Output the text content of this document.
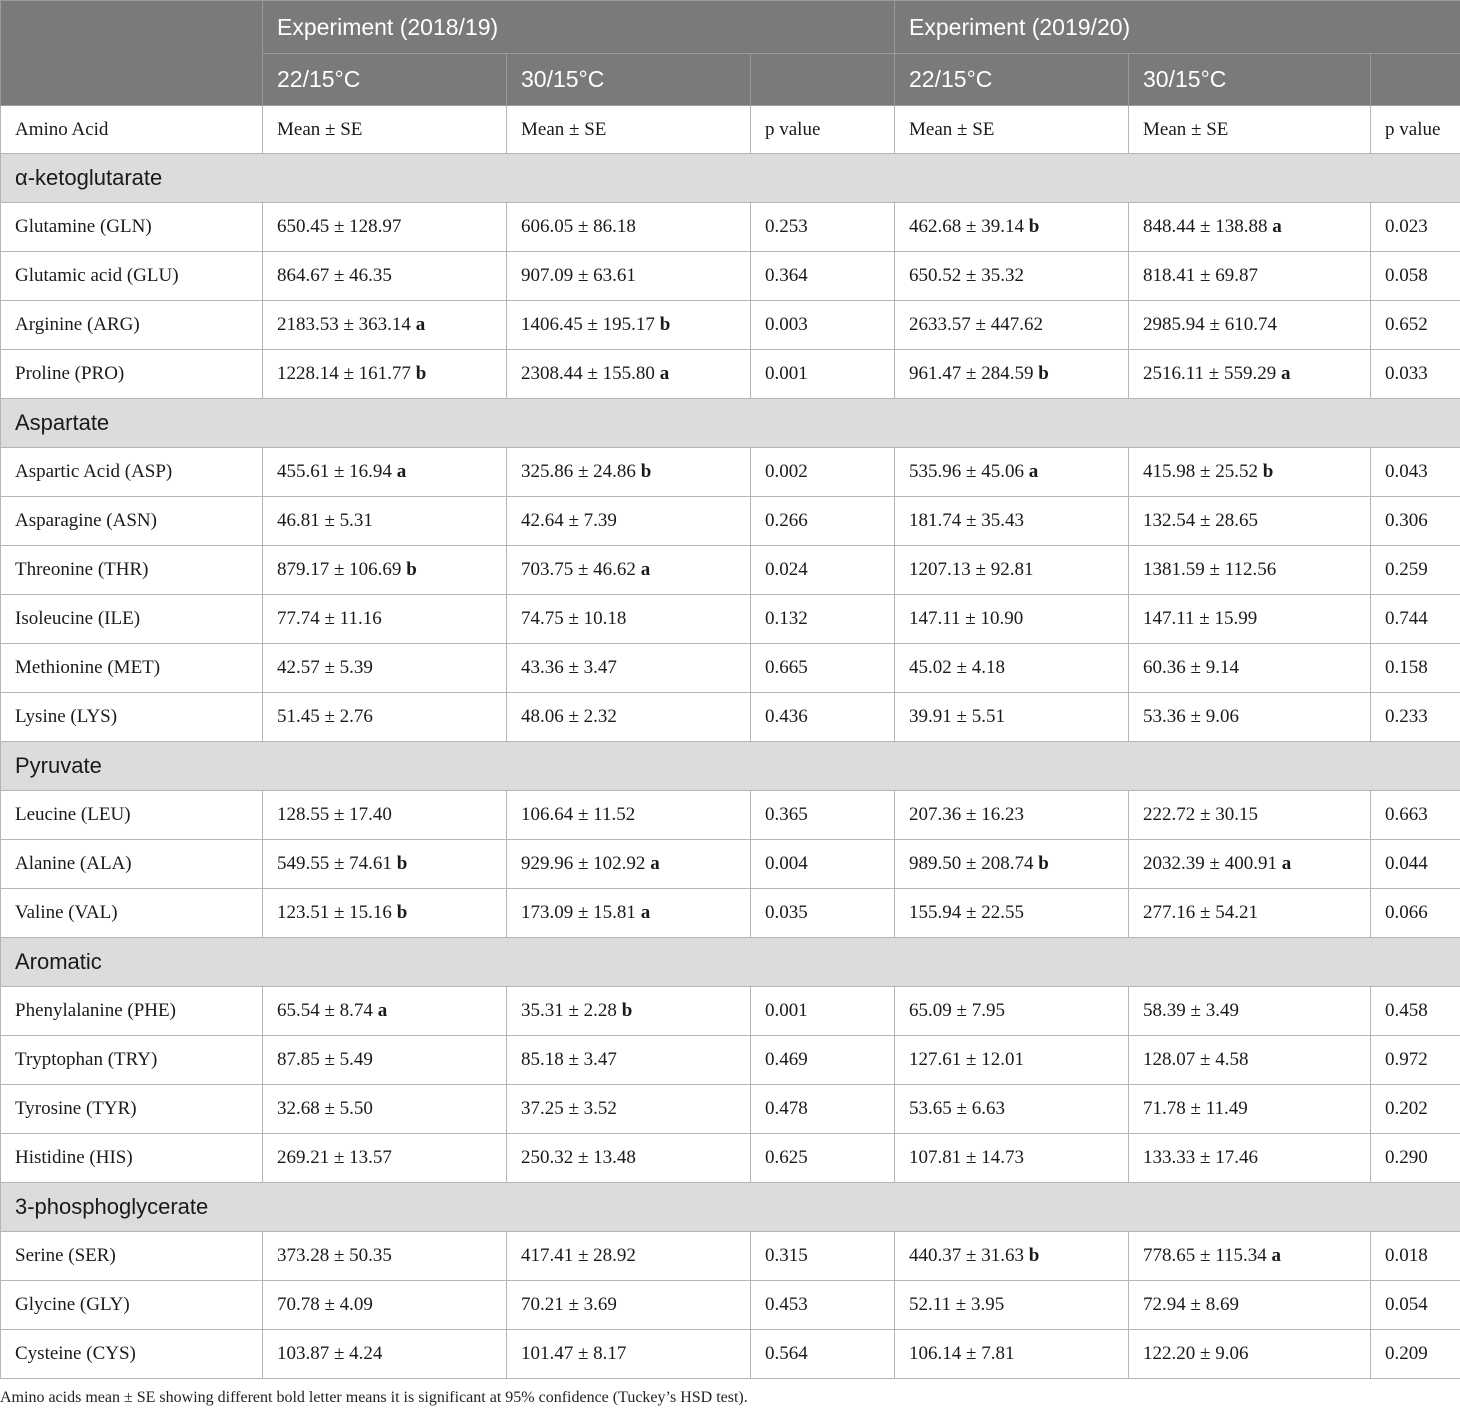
	Experiment (2018/19)			Experiment (2019/20)		
	22/15°C	30/15°C		22/15°C	30/15°C	
Amino Acid	Mean ± SE	Mean ± SE	p value	Mean ± SE	Mean ± SE	p value
α-ketoglutarate						
Glutamine (GLN)	650.45 ± 128.97	606.05 ± 86.18	0.253	462.68 ± 39.14 b	848.44 ± 138.88 a	0.023
Glutamic acid (GLU)	864.67 ± 46.35	907.09 ± 63.61	0.364	650.52 ± 35.32	818.41 ± 69.87	0.058
Arginine (ARG)	2183.53 ± 363.14 a	1406.45 ± 195.17 b	0.003	2633.57 ± 447.62	2985.94 ± 610.74	0.652
Proline (PRO)	1228.14 ± 161.77 b	2308.44 ± 155.80 a	0.001	961.47 ± 284.59 b	2516.11 ± 559.29 a	0.033
Aspartate						
Aspartic Acid (ASP)	455.61 ± 16.94 a	325.86 ± 24.86 b	0.002	535.96 ± 45.06 a	415.98 ± 25.52 b	0.043
Asparagine (ASN)	46.81 ± 5.31	42.64 ± 7.39	0.266	181.74 ± 35.43	132.54 ± 28.65	0.306
Threonine (THR)	879.17 ± 106.69 b	703.75 ± 46.62 a	0.024	1207.13 ± 92.81	1381.59 ± 112.56	0.259
Isoleucine (ILE)	77.74 ± 11.16	74.75 ± 10.18	0.132	147.11 ± 10.90	147.11 ± 15.99	0.744
Methionine (MET)	42.57 ± 5.39	43.36 ± 3.47	0.665	45.02 ± 4.18	60.36 ± 9.14	0.158
Lysine (LYS)	51.45 ± 2.76	48.06 ± 2.32	0.436	39.91 ± 5.51	53.36 ± 9.06	0.233
Pyruvate						
Leucine (LEU)	128.55 ± 17.40	106.64 ± 11.52	0.365	207.36 ± 16.23	222.72 ± 30.15	0.663
Alanine (ALA)	549.55 ± 74.61 b	929.96 ± 102.92 a	0.004	989.50 ± 208.74 b	2032.39 ± 400.91 a	0.044
Valine (VAL)	123.51 ± 15.16 b	173.09 ± 15.81 a	0.035	155.94 ± 22.55	277.16 ± 54.21	0.066
Aromatic						
Phenylalanine (PHE)	65.54 ± 8.74 a	35.31 ± 2.28 b	0.001	65.09 ± 7.95	58.39 ± 3.49	0.458
Tryptophan (TRY)	87.85 ± 5.49	85.18 ± 3.47	0.469	127.61 ± 12.01	128.07 ± 4.58	0.972
Tyrosine (TYR)	32.68 ± 5.50	37.25 ± 3.52	0.478	53.65 ± 6.63	71.78 ± 11.49	0.202
Histidine (HIS)	269.21 ± 13.57	250.32 ± 13.48	0.625	107.81 ± 14.73	133.33 ± 17.46	0.290
3-phosphoglycerate						
Serine (SER)	373.28 ± 50.35	417.41 ± 28.92	0.315	440.37 ± 31.63 b	778.65 ± 115.34 a	0.018
Glycine (GLY)	70.78 ± 4.09	70.21 ± 3.69	0.453	52.11 ± 3.95	72.94 ± 8.69	0.054
Cysteine (CYS)	103.87 ± 4.24	101.47 ± 8.17	0.564	106.14 ± 7.81	122.20 ± 9.06	0.209
Amino acids mean ± SE showing different bold letter means it is significant at 95% confidence (Tuckey’s HSD test).
